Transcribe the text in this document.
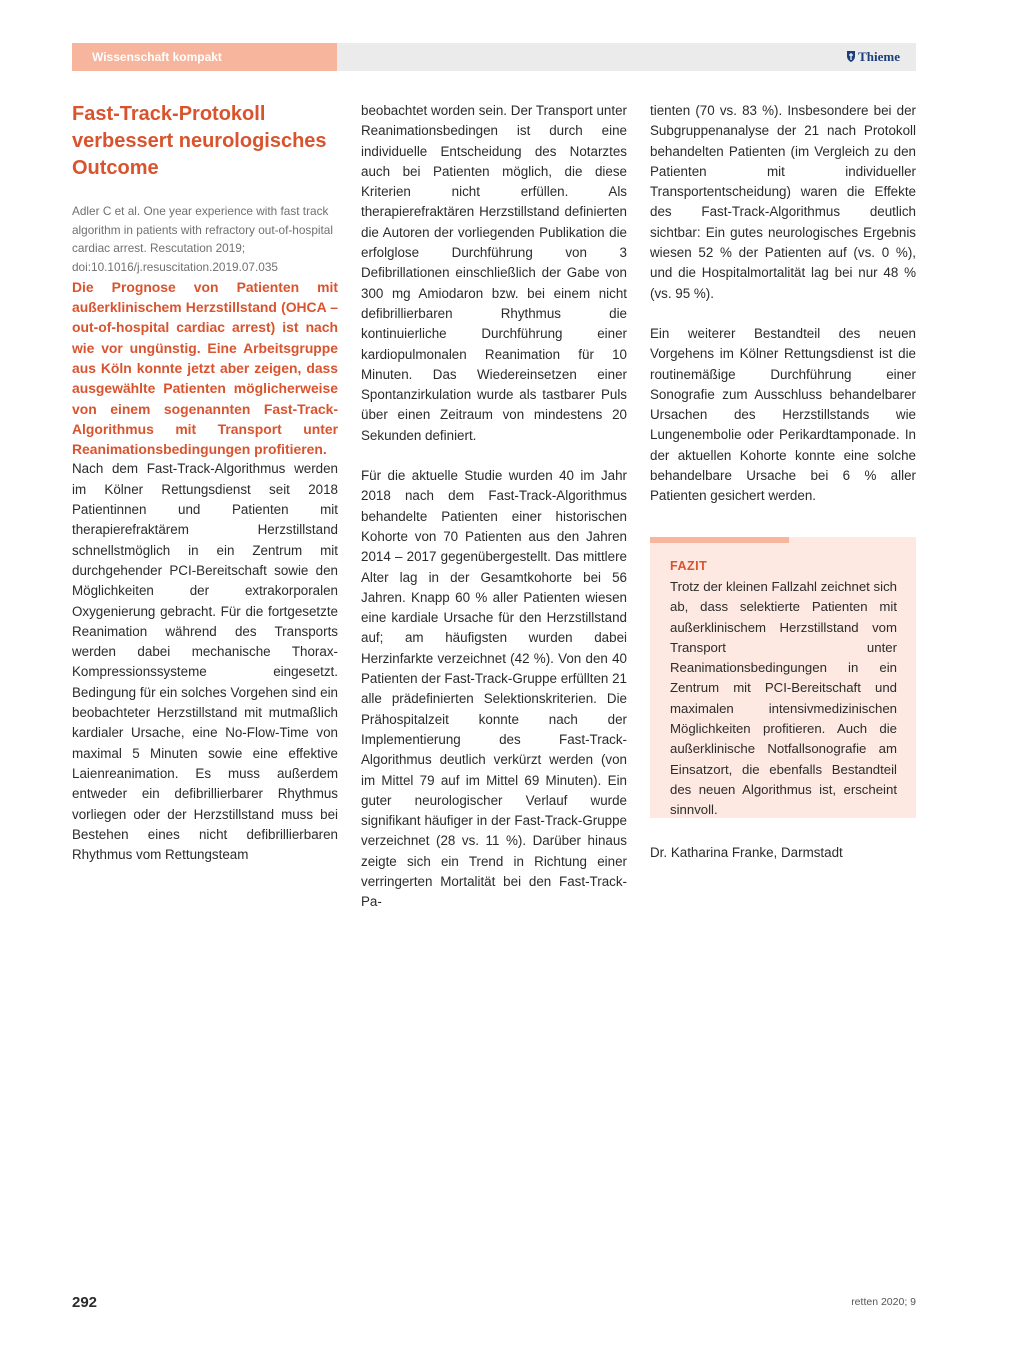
Wissenschaft kompakt	Thieme
Fast-Track-Protokoll verbessert neurologisches Outcome

Adler C et al. One year experience with fast track algorithm in patients with refractory out-of-hospital cardiac arrest. Rescutation 2019; doi:10.1016/j.resuscitation.2019.07.035

Die Prognose von Patienten mit außerklinischem Herzstillstand (OHCA – out-of-hospital cardiac arrest) ist nach wie vor ungünstig. Eine Arbeitsgruppe aus Köln konnte jetzt aber zeigen, dass ausgewählte Patienten möglicherweise von einem sogenannten Fast-Track-Algorithmus mit Transport unter Reanimationsbedingungen profitieren.

Nach dem Fast-Track-Algorithmus werden im Kölner Rettungsdienst seit 2018 Patientinnen und Patienten mit therapierefraktärem Herzstillstand schnellstmöglich in ein Zentrum mit durchgehender PCI-Bereitschaft sowie den Möglichkeiten der extrakorporalen Oxygenierung gebracht. Für die fortgesetzte Reanimation während des Transports werden dabei mechanische Thorax-Kompressionssysteme eingesetzt. Bedingung für ein solches Vorgehen sind ein beobachteter Herzstillstand mit mutmaßlich kardialer Ursache, eine No-Flow-Time von maximal 5 Minuten sowie eine effektive Laienreanimation. Es muss außerdem entweder ein defibrillierbarer Rhythmus vorliegen oder der Herzstillstand muss bei Bestehen eines nicht defibrillierbaren Rhythmus vom Rettungsteam

beobachtet worden sein. Der Transport unter Reanimationsbedingen ist durch eine individuelle Entscheidung des Notarztes auch bei Patienten möglich, die diese Kriterien nicht erfüllen. Als therapierefraktären Herzstillstand definierten die Autoren der vorliegenden Publikation die erfolglose Durchführung von 3 Defibrillationen einschließlich der Gabe von 300 mg Amiodaron bzw. bei einem nicht defibrillierbaren Rhythmus die kontinuierliche Durchführung einer kardiopulmonalen Reanimation für 10 Minuten. Das Wiedereinsetzen einer Spontanzirkulation wurde als tastbarer Puls über einen Zeitraum von mindestens 20 Sekunden definiert.

Für die aktuelle Studie wurden 40 im Jahr 2018 nach dem Fast-Track-Algorithmus behandelte Patienten einer historischen Kohorte von 70 Patienten aus den Jahren 2014 – 2017 gegenübergestellt. Das mittlere Alter lag in der Gesamtkohorte bei 56 Jahren. Knapp 60 % aller Patienten wiesen eine kardiale Ursache für den Herzstillstand auf; am häufigsten wurden dabei Herzinfarkte verzeichnet (42 %). Von den 40 Patienten der Fast-Track-Gruppe erfüllten 21 alle prädefinierten Selektionskriterien. Die Prähospitalzeit konnte nach der Implementierung des Fast-Track-Algorithmus deutlich verkürzt werden (von im Mittel 79 auf im Mittel 69 Minuten). Ein guter neurologischer Verlauf wurde signifikant häufiger in der Fast-Track-Gruppe verzeichnet (28 vs. 11 %). Darüber hinaus zeigte sich ein Trend in Richtung einer verringerten Mortalität bei den Fast-Track-Pa-

tienten (70 vs. 83 %). Insbesondere bei der Subgruppenanalyse der 21 nach Protokoll behandelten Patienten (im Vergleich zu den Patienten mit individueller Transportentscheidung) waren die Effekte des Fast-Track-Algorithmus deutlich sichtbar: Ein gutes neurologisches Ergebnis wiesen 52 % der Patienten auf (vs. 0 %), und die Hospitalmortalität lag bei nur 48 % (vs. 95 %).

Ein weiterer Bestandteil des neuen Vorgehens im Kölner Rettungsdienst ist die routinemäßige Durchführung einer Sonografie zum Ausschluss behandelbarer Ursachen des Herzstillstands wie Lungenembolie oder Perikardtamponade. In der aktuellen Kohorte konnte eine solche behandelbare Ursache bei 6 % aller Patienten gesichert werden.

FAZIT

Trotz der kleinen Fallzahl zeichnet sich ab, dass selektierte Patienten mit außerklinischem Herzstillstand vom Transport unter Reanimationsbedingungen in ein Zentrum mit PCI-Bereitschaft und maximalen intensivmedizinischen Möglichkeiten profitieren. Auch die außerklinische Notfallsonografie am Einsatzort, die ebenfalls Bestandteil des neuen Algorithmus ist, erscheint sinnvoll.

Dr. Katharina Franke, Darmstadt
292	retten 2020; 9
